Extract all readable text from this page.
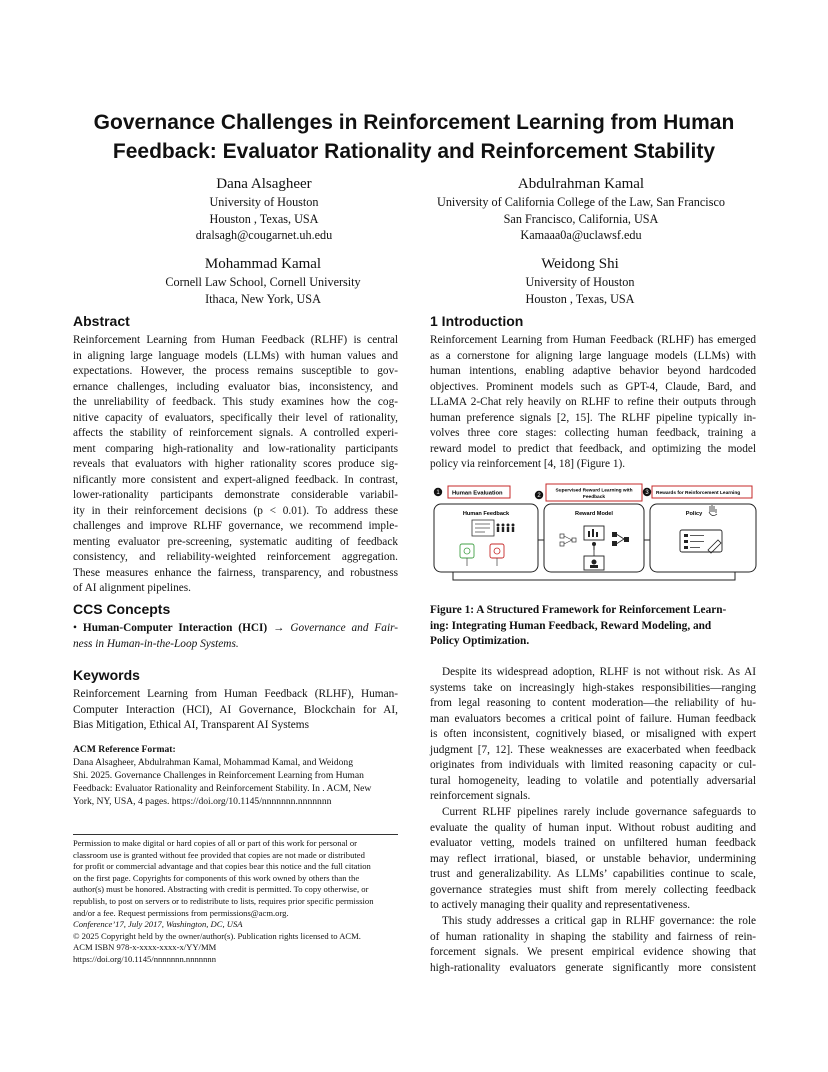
Governance Challenges in Reinforcement Learning from Human
Feedback: Evaluator Rationality and Reinforcement Stability
Dana Alsagheer
University of Houston
Houston , Texas, USA
dralsagh@cougarnet.uh.edu
Abdulrahman Kamal
University of California College of the Law, San Francisco
San Francisco, California, USA
Kamaaa0a@uclawsf.edu
Mohammad Kamal
Cornell Law School, Cornell University
Ithaca, New York, USA
Weidong Shi
University of Houston
Houston , Texas, USA
Abstract
Reinforcement Learning from Human Feedback (RLHF) is central
in aligning large language models (LLMs) with human values and
expectations. However, the process remains susceptible to gov-
ernance challenges, including evaluator bias, inconsistency, and
the unreliability of feedback. This study examines how the cog-
nitive capacity of evaluators, specifically their level of rationality,
affects the stability of reinforcement signals. A controlled experi-
ment comparing high-rationality and low-rationality participants
reveals that evaluators with higher rationality scores produce sig-
nificantly more consistent and expert-aligned feedback. In contrast,
lower-rationality participants demonstrate considerable variabil-
ity in their reinforcement decisions (p < 0.01). To address these
challenges and improve RLHF governance, we recommend imple-
menting evaluator pre-screening, systematic auditing of feedback
consistency, and reliability-weighted reinforcement aggregation.
These measures enhance the fairness, transparency, and robustness
of AI alignment pipelines.
CCS Concepts
• Human-Computer Interaction (HCI) → Governance and Fair-
ness in Human-in-the-Loop Systems.
Keywords
Reinforcement Learning from Human Feedback (RLHF), Human-
Computer Interaction (HCI), AI Governance, Blockchain for AI,
Bias Mitigation, Ethical AI, Transparent AI Systems
ACM Reference Format:
Dana Alsagheer, Abdulrahman Kamal, Mohammad Kamal, and Weidong
Shi. 2025. Governance Challenges in Reinforcement Learning from Human
Feedback: Evaluator Rationality and Reinforcement Stability. In . ACM, New
York, NY, USA, 4 pages. https://doi.org/10.1145/nnnnnnn.nnnnnnn
Permission to make digital or hard copies of all or part of this work for personal or
classroom use is granted without fee provided that copies are not made or distributed
for profit or commercial advantage and that copies bear this notice and the full citation
on the first page. Copyrights for components of this work owned by others than the
author(s) must be honored. Abstracting with credit is permitted. To copy otherwise, or
republish, to post on servers or to redistribute to lists, requires prior specific permission
and/or a fee. Request permissions from permissions@acm.org.
Conference’17, July 2017, Washington, DC, USA
© 2025 Copyright held by the owner/author(s). Publication rights licensed to ACM.
ACM ISBN 978-x-xxxx-xxxx-x/YY/MM
https://doi.org/10.1145/nnnnnnn.nnnnnnn
1 Introduction
Reinforcement Learning from Human Feedback (RLHF) has emerged
as a cornerstone for aligning large language models (LLMs) with
human intentions, enabling adaptive behavior beyond hardcoded
objectives. Prominent models such as GPT-4, Claude, Bard, and
LLaMA 2-Chat rely heavily on RLHF to refine their outputs through
human preference signals [2, 15]. The RLHF pipeline typically in-
volves three core stages: collecting human feedback, training a
reward model to predict that feedback, and optimizing the model
policy via reinforcement [4, 18] (Figure 1).
1 Human Evaluation	2
Supervised Reward Learning with
Feedback
3 Rewards for Reinforcement Learning
Human Feedback	Reward Model	Policy
Figure 1: A Structured Framework for Reinforcement Learn-
ing: Integrating Human Feedback, Reward Modeling, and
Policy Optimization.
Despite its widespread adoption, RLHF is not without risk. As AI
systems take on increasingly high-stakes responsibilities—ranging
from legal reasoning to content moderation—the reliability of hu-
man evaluators becomes a critical point of failure. Human feedback
is often inconsistent, cognitively biased, or misaligned with expert
judgment [7, 12]. These weaknesses are exacerbated when feedback
originates from individuals with limited reasoning capacity or cul-
tural homogeneity, leading to volatile and potentially adversarial
reinforcement signals.
Current RLHF pipelines rarely include governance safeguards to
evaluate the quality of human input. Without robust auditing and
evaluator vetting, models trained on unfiltered human feedback
may reflect irrational, biased, or unstable behavior, undermining
trust and generalizability. As LLMs’ capabilities continue to scale,
governance strategies must shift from merely collecting feedback
to actively managing their quality and representativeness.
This study addresses a critical gap in RLHF governance: the role
of human rationality in shaping the stability and fairness of rein-
forcement signals. We present empirical evidence showing that
high-rationality evaluators generate significantly more consistent
